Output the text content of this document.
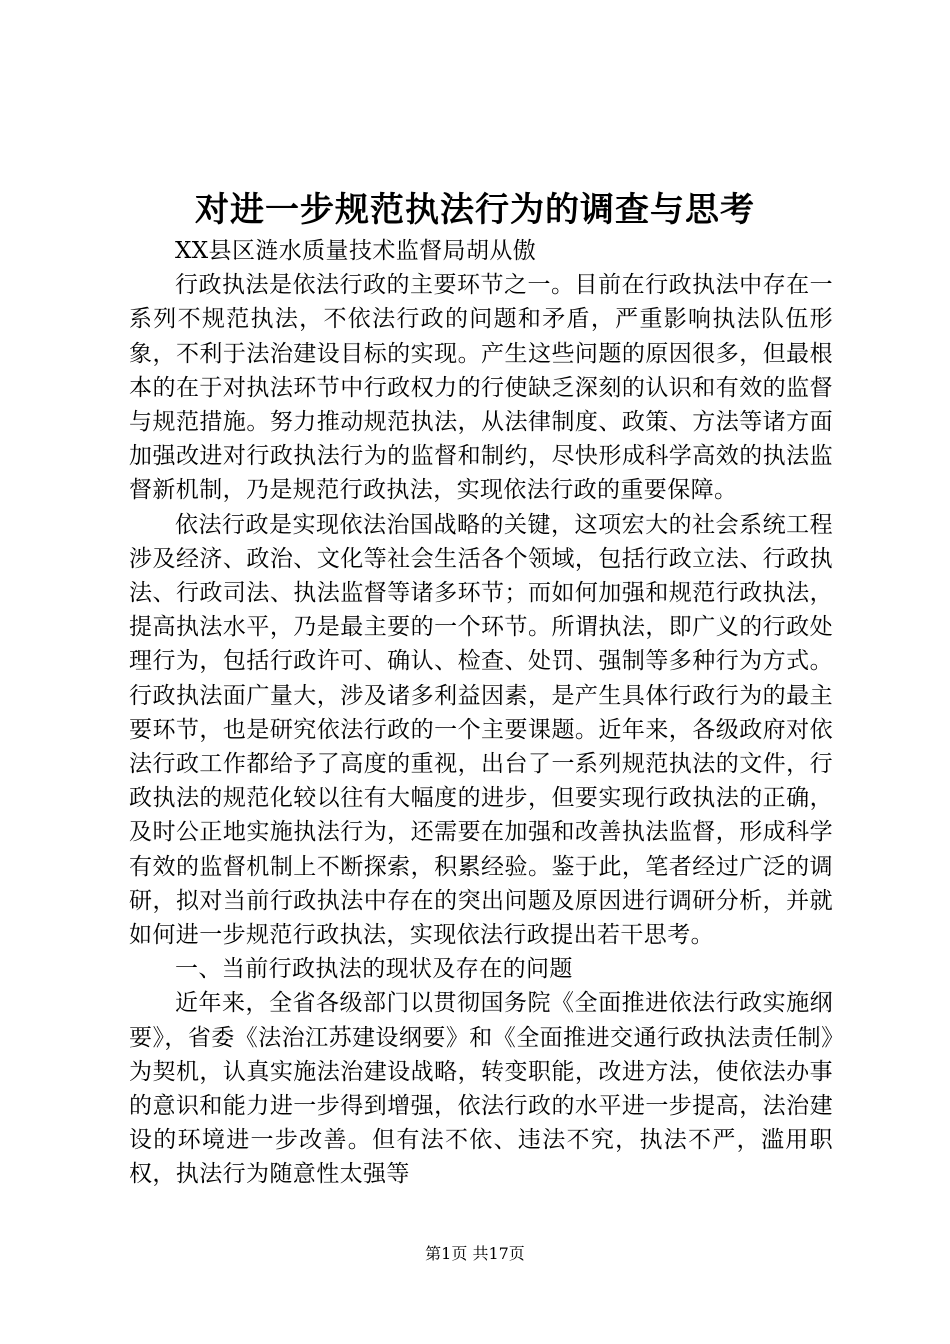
对进一步规范执法行为的调查与思考

XX县区涟水质量技术监督局胡从傲

行政执法是依法行政的主要环节之一。目前在行政执法中存在一系列不规范执法，不依法行政的问题和矛盾，严重影响执法队伍形象，不利于法治建设目标的实现。产生这些问题的原因很多，但最根本的在于对执法环节中行政权力的行使缺乏深刻的认识和有效的监督与规范措施。努力推动规范执法，从法律制度、政策、方法等诸方面加强改进对行政执法行为的监督和制约，尽快形成科学高效的执法监督新机制，乃是规范行政执法，实现依法行政的重要保障。

依法行政是实现依法治国战略的关键，这项宏大的社会系统工程涉及经济、政治、文化等社会生活各个领域，包括行政立法、行政执法、行政司法、执法监督等诸多环节；而如何加强和规范行政执法，提高执法水平，乃是最主要的一个环节。所谓执法，即广义的行政处理行为，包括行政许可、确认、检查、处罚、强制等多种行为方式。行政执法面广量大，涉及诸多利益因素，是产生具体行政行为的最主要环节，也是研究依法行政的一个主要课题。近年来，各级政府对依法行政工作都给予了高度的重视，出台了一系列规范执法的文件，行政执法的规范化较以往有大幅度的进步，但要实现行政执法的正确，及时公正地实施执法行为，还需要在加强和改善执法监督，形成科学有效的监督机制上不断探索，积累经验。鉴于此，笔者经过广泛的调研，拟对当前行政执法中存在的突出问题及原因进行调研分析，并就如何进一步规范行政执法，实现依法行政提出若干思考。

一、当前行政执法的现状及存在的问题

近年来，全省各级部门以贯彻国务院《全面推进依法行政实施纲要》，省委《法治江苏建设纲要》和《全面推进交通行政执法责任制》为契机，认真实施法治建设战略，转变职能，改进方法，使依法办事的意识和能力进一步得到增强，依法行政的水平进一步提高，法治建设的环境进一步改善。但有法不依、违法不究，执法不严，滥用职权，执法行为随意性太强等

第1页 共17页
